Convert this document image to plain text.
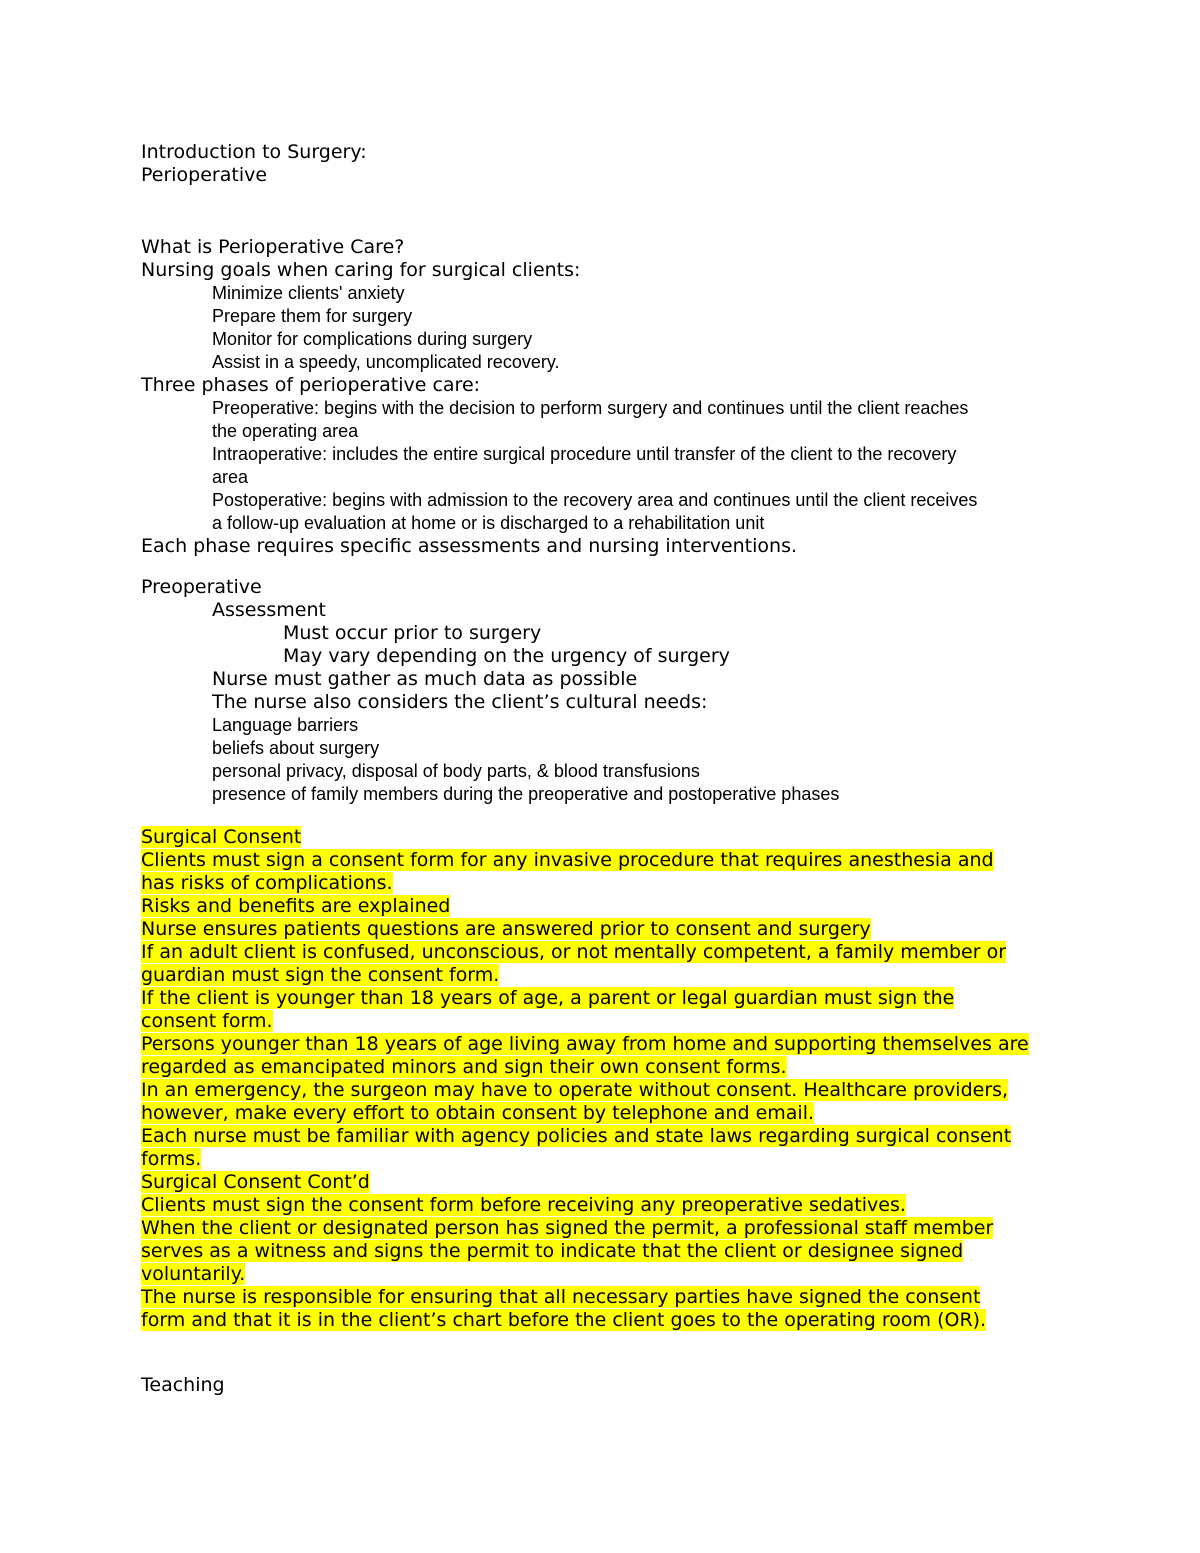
Introduction to Surgery:
Perioperative
What is Perioperative Care?
Nursing goals when caring for surgical clients:
Minimize clients' anxiety
Prepare them for surgery
Monitor for complications during surgery
Assist in a speedy, uncomplicated recovery.
Three phases of perioperative care:
Preoperative: begins with the decision to perform surgery and continues until the client reaches
the operating area
Intraoperative: includes the entire surgical procedure until transfer of the client to the recovery
area
Postoperative: begins with admission to the recovery area and continues until the client receives
a follow-up evaluation at home or is discharged to a rehabilitation unit
Each phase requires specific assessments and nursing interventions.
Preoperative
Assessment
Must occur prior to surgery
May vary depending on the urgency of surgery
Nurse must gather as much data as possible
The nurse also considers the client’s cultural needs:
Language barriers
beliefs about surgery
personal privacy, disposal of body parts, & blood transfusions
presence of family members during the preoperative and postoperative phases
Surgical Consent
Clients must sign a consent form for any invasive procedure that requires anesthesia and
has risks of complications.
Risks and benefits are explained
Nurse ensures patients questions are answered prior to consent and surgery
If an adult client is confused, unconscious, or not mentally competent, a family member or
guardian must sign the consent form.
If the client is younger than 18 years of age, a parent or legal guardian must sign the
consent form.
Persons younger than 18 years of age living away from home and supporting themselves are
regarded as emancipated minors and sign their own consent forms.
In an emergency, the surgeon may have to operate without consent. Healthcare providers,
however, make every effort to obtain consent by telephone and email.
Each nurse must be familiar with agency policies and state laws regarding surgical consent
forms.
Surgical Consent Cont’d
Clients must sign the consent form before receiving any preoperative sedatives.
When the client or designated person has signed the permit, a professional staff member
serves as a witness and signs the permit to indicate that the client or designee signed
voluntarily.
The nurse is responsible for ensuring that all necessary parties have signed the consent
form and that it is in the client’s chart before the client goes to the operating room (OR).
Teaching
